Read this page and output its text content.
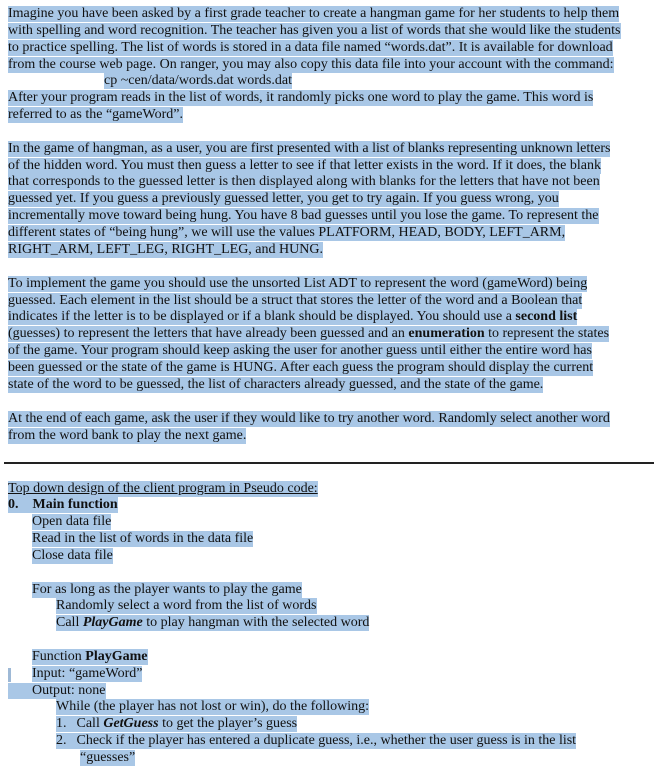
Imagine you have been asked by a first grade teacher to create a hangman game for her students to help them
with spelling and word recognition. The teacher has given you a list of words that she would like the students
to practice spelling. The list of words is stored in a data file named “words.dat”. It is available for download
from the course web page. On ranger, you may also copy this data file into your account with the command:
cp ~cen/data/words.dat words.dat
After your program reads in the list of words, it randomly picks one word to play the game. This word is
referred to as the “gameWord”.
In the game of hangman, as a user, you are first presented with a list of blanks representing unknown letters
of the hidden word. You must then guess a letter to see if that letter exists in the word. If it does, the blank
that corresponds to the guessed letter is then displayed along with blanks for the letters that have not been
guessed yet. If you guess a previously guessed letter, you get to try again. If you guess wrong, you
incrementally move toward being hung. You have 8 bad guesses until you lose the game. To represent the
different states of “being hung”, we will use the values PLATFORM, HEAD, BODY, LEFT_ARM,
RIGHT_ARM, LEFT_LEG, RIGHT_LEG, and HUNG.
To implement the game you should use the unsorted List ADT to represent the word (gameWord) being
guessed. Each element in the list should be a struct that stores the letter of the word and a Boolean that
indicates if the letter is to be displayed or if a blank should be displayed. You should use a second list
(guesses) to represent the letters that have already been guessed and an enumeration to represent the states
of the game. Your program should keep asking the user for another guess until either the entire word has
been guessed or the state of the game is HUNG. After each guess the program should display the current
state of the word to be guessed, the list of characters already guessed, and the state of the game.
At the end of each game, ask the user if they would like to try another word. Randomly select another word
from the word bank to play the next game.
Top down design of the client program in Pseudo code:
0. Main function
Open data file
Read in the list of words in the data file
Close data file
For as long as the player wants to play the game
Randomly select a word from the list of words
Call PlayGame to play hangman with the selected word
Function PlayGame
Input: “gameWord”
Output: none
While (the player has not lost or win), do the following:
1. Call GetGuess to get the player’s guess
2. Check if the player has entered a duplicate guess, i.e., whether the user guess is in the list
“guesses”
